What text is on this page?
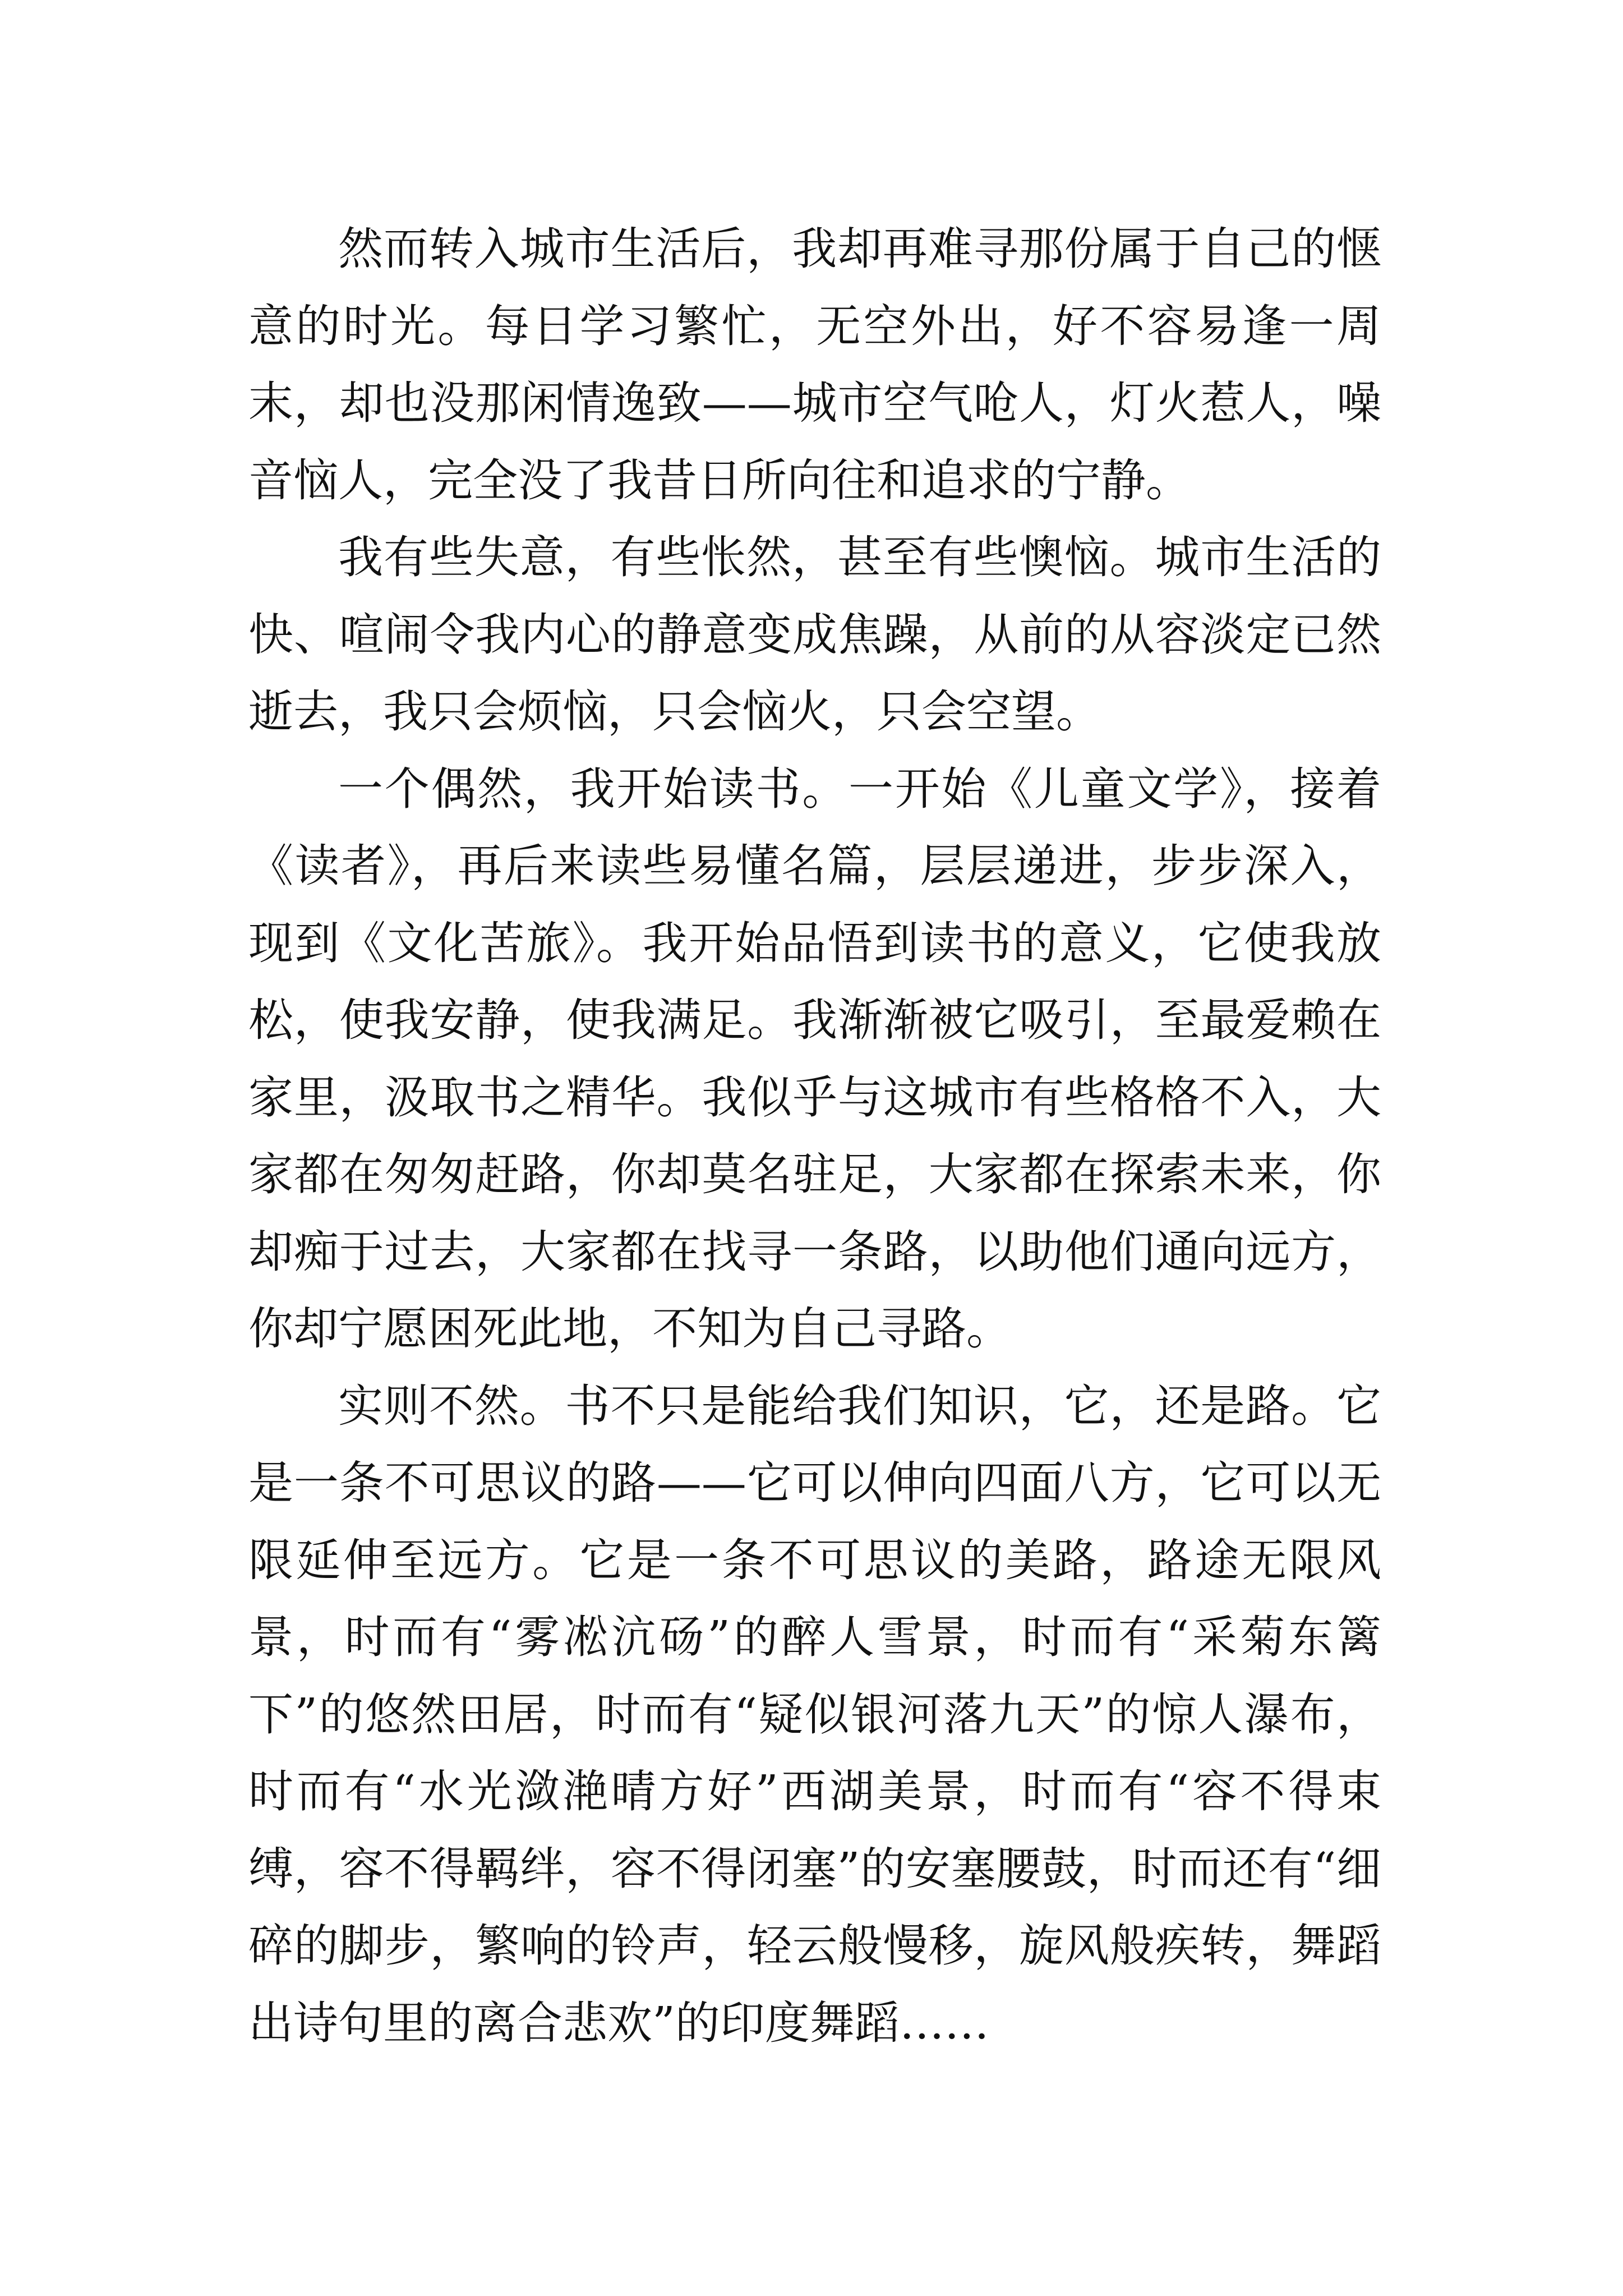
然而转入城市生活后，我却再难寻那份属于自己的惬意的时光。每日学习繁忙，无空外出，好不容易逢一周末，却也没那闲情逸致——城市空气呛人，灯火惹人，噪音恼人，完全没了我昔日所向往和追求的宁静。

我有些失意，有些怅然，甚至有些懊恼。城市生活的快、喧闹令我内心的静意变成焦躁，从前的从容淡定已然逝去，我只会烦恼，只会恼火，只会空望。

一个偶然，我开始读书。一开始《儿童文学》，接着《读者》，再后来读些易懂名篇，层层递进，步步深入，现到《文化苦旅》。我开始品悟到读书的意义，它使我放松，使我安静，使我满足。我渐渐被它吸引，至最爱赖在家里，汲取书之精华。我似乎与这城市有些格格不入，大家都在匆匆赶路，你却莫名驻足，大家都在探索未来，你却痴于过去，大家都在找寻一条路，以助他们通向远方，你却宁愿困死此地，不知为自己寻路。

实则不然。书不只是能给我们知识，它，还是路。它是一条不可思议的路——它可以伸向四面八方，它可以无限延伸至远方。它是一条不可思议的美路，路途无限风景，时而有“雾凇沆砀”的醉人雪景，时而有“采菊东篱下”的悠然田居，时而有“疑似银河落九天”的惊人瀑布，时而有“水光潋滟晴方好”西湖美景，时而有“容不得束缚，容不得羁绊，容不得闭塞”的安塞腰鼓，时而还有“细碎的脚步，繁响的铃声，轻云般慢移，旋风般疾转，舞蹈出诗句里的离合悲欢”的印度舞蹈……
